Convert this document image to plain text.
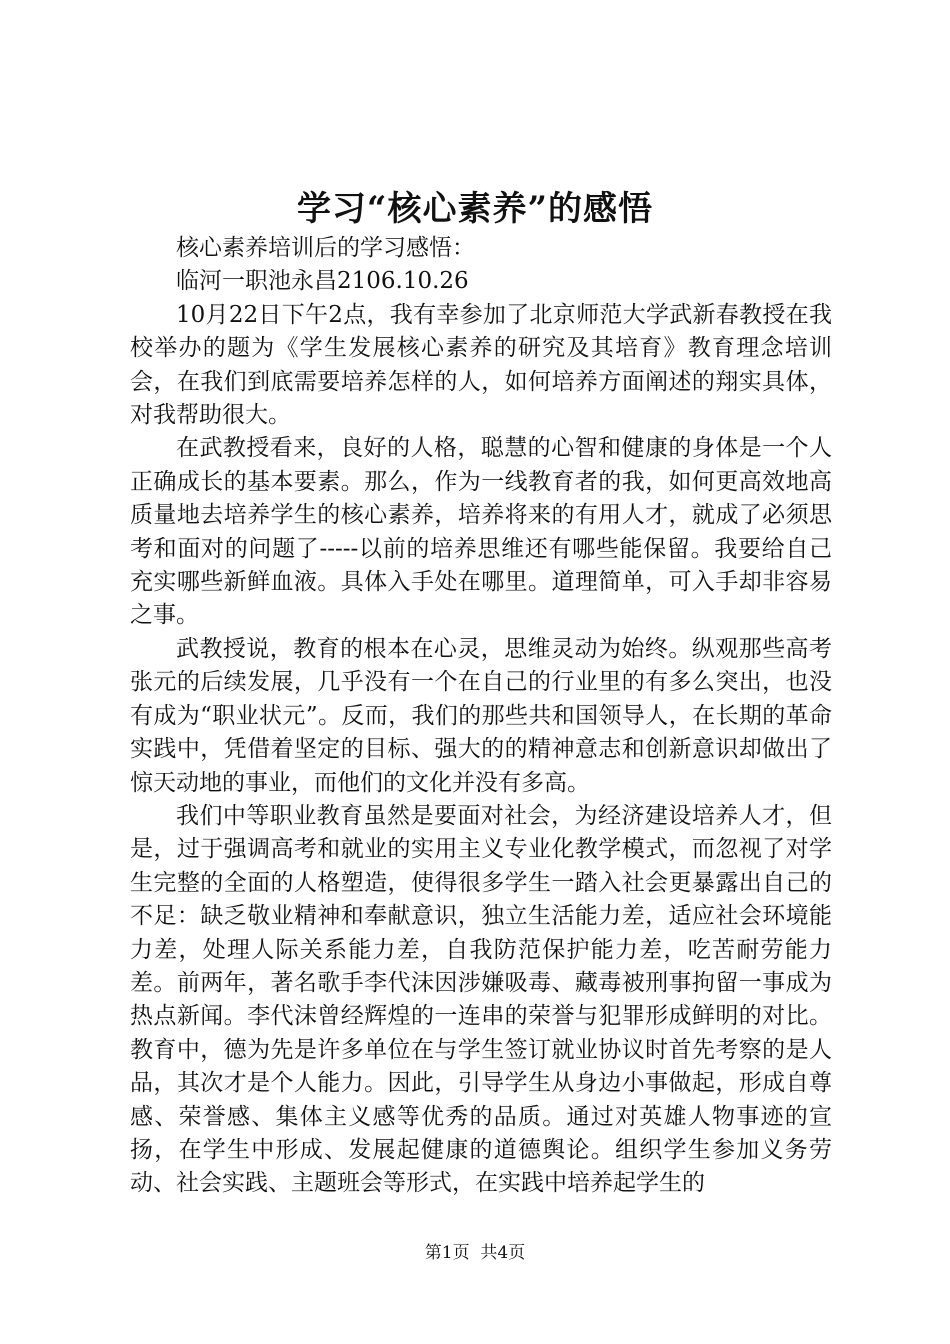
学习“核心素养”的感悟

核心素养培训后的学习感悟：

临河一职池永昌2106.10.26

10月22日下午2点，我有幸参加了北京师范大学武新春教授在我校举办的题为《学生发展核心素养的研究及其培育》教育理念培训会，在我们到底需要培养怎样的人，如何培养方面阐述的翔实具体，对我帮助很大。

在武教授看来，良好的人格，聪慧的心智和健康的身体是一个人正确成长的基本要素。那么，作为一线教育者的我，如何更高效地高质量地去培养学生的核心素养，培养将来的有用人才，就成了必须思考和面对的问题了-----以前的培养思维还有哪些能保留。我要给自己充实哪些新鲜血液。具体入手处在哪里。道理简单，可入手却非容易之事。

武教授说，教育的根本在心灵，思维灵动为始终。纵观那些高考张元的后续发展，几乎没有一个在自己的行业里的有多么突出，也没有成为“职业状元”。反而，我们的那些共和国领导人，在长期的革命实践中，凭借着坚定的目标、强大的的精神意志和创新意识却做出了惊天动地的事业，而他们的文化并没有多高。

我们中等职业教育虽然是要面对社会，为经济建设培养人才，但是，过于强调高考和就业的实用主义专业化教学模式，而忽视了对学生完整的全面的人格塑造，使得很多学生一踏入社会更暴露出自己的不足：缺乏敬业精神和奉献意识，独立生活能力差，适应社会环境能力差，处理人际关系能力差，自我防范保护能力差，吃苦耐劳能力差。前两年，著名歌手李代沫因涉嫌吸毒、藏毒被刑事拘留一事成为热点新闻。李代沫曾经辉煌的一连串的荣誉与犯罪形成鲜明的对比。教育中，德为先是许多单位在与学生签订就业协议时首先考察的是人品，其次才是个人能力。因此，引导学生从身边小事做起，形成自尊感、荣誉感、集体主义感等优秀的品质。通过对英雄人物事迹的宣扬，在学生中形成、发展起健康的道德舆论。组织学生参加义务劳动、社会实践、主题班会等形式，在实践中培养起学生的

第1页 共4页
